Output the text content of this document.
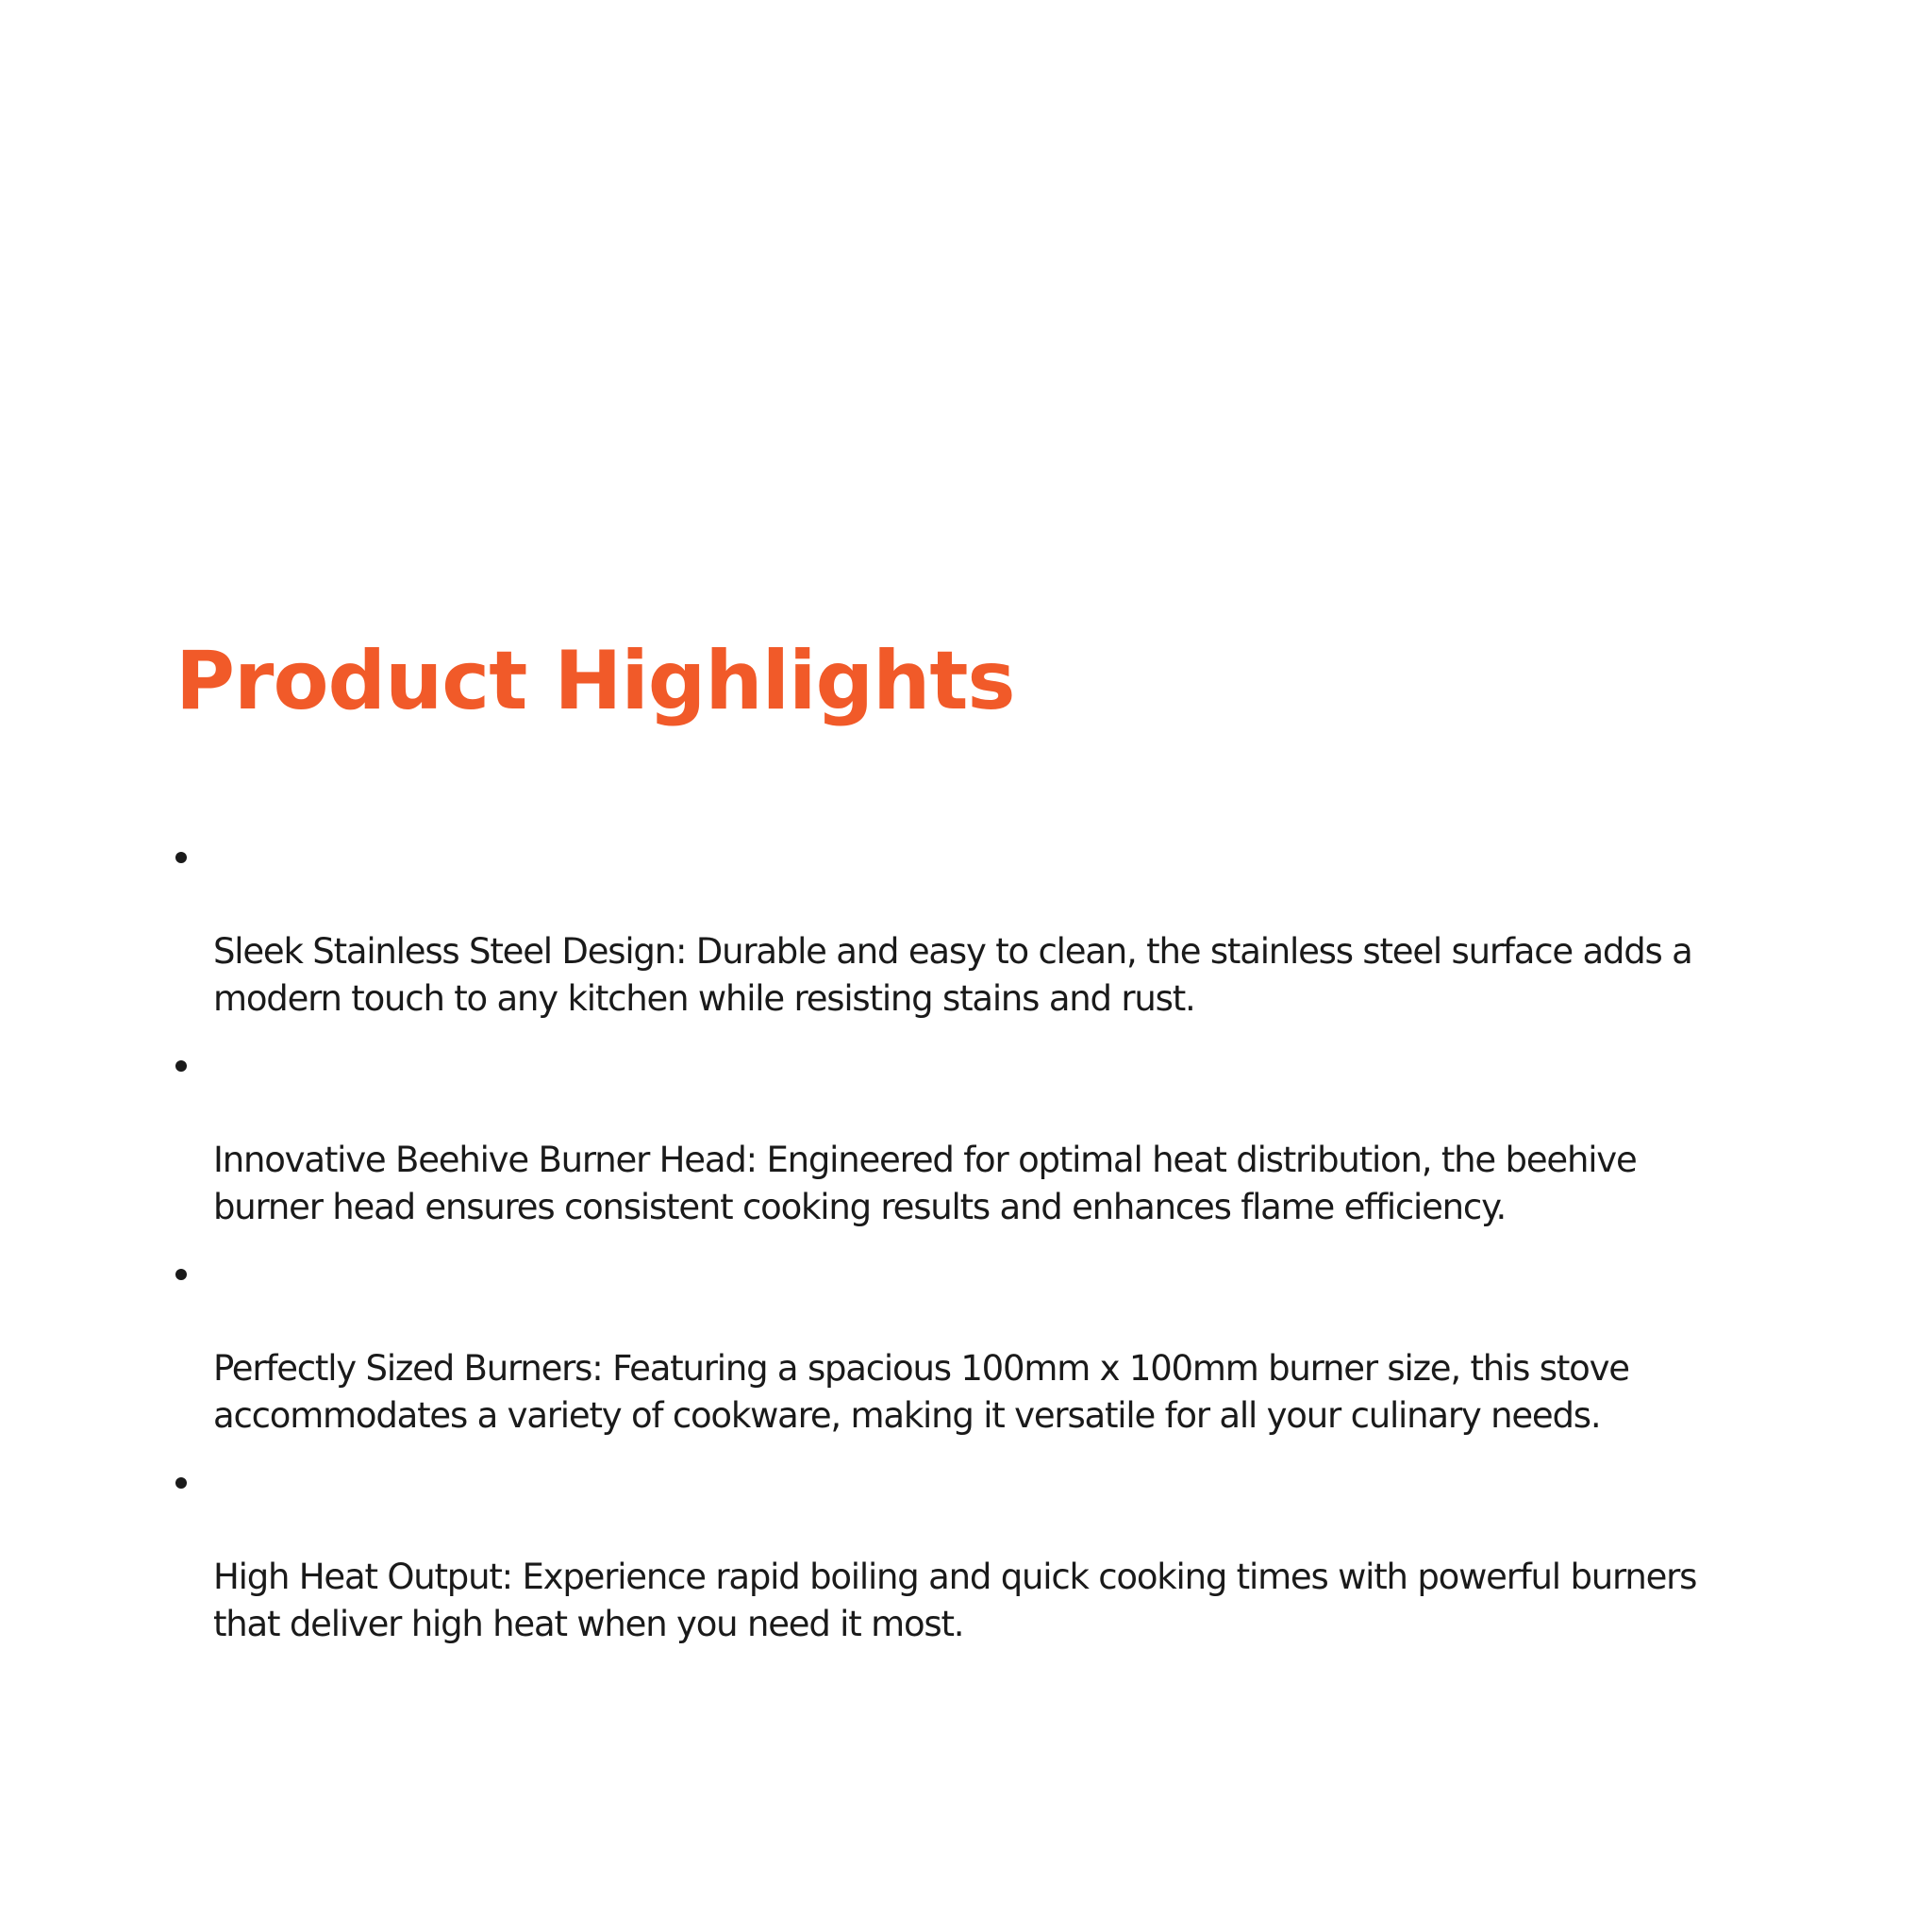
Product Highlights

Sleek Stainless Steel Design: Durable and easy to clean, the stainless steel surface adds a
modern touch to any kitchen while resisting stains and rust.

Innovative Beehive Burner Head: Engineered for optimal heat distribution, the beehive
burner head ensures consistent cooking results and enhances flame efficiency.

Perfectly Sized Burners: Featuring a spacious 100mm x 100mm burner size, this stove
accommodates a variety of cookware, making it versatile for all your culinary needs.

High Heat Output: Experience rapid boiling and quick cooking times with powerful burners
that deliver high heat when you need it most.
